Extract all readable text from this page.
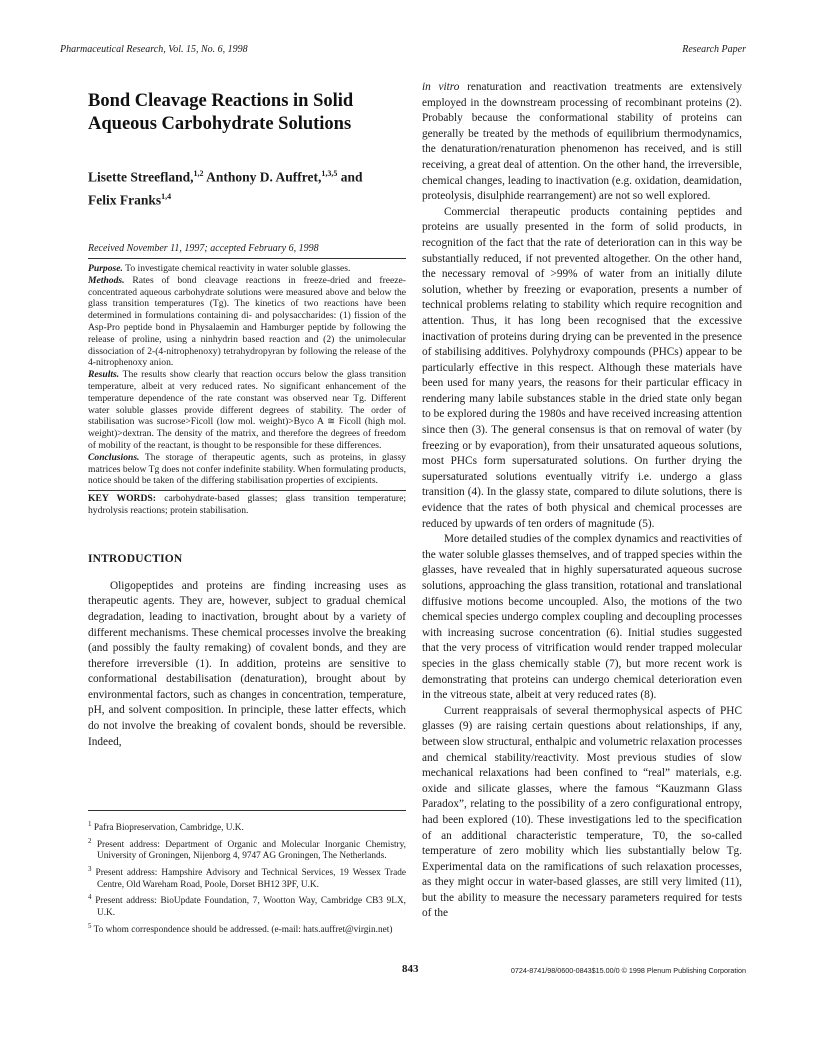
Pharmaceutical Research, Vol. 15, No. 6, 1998	Research Paper
Bond Cleavage Reactions in Solid Aqueous Carbohydrate Solutions
Lisette Streefland,$^{1,2}$ Anthony D. Auffret,$^{1,3,5}$ and
Felix Franks$^{1,4}$
Received November 11, 1997; accepted February 6, 1998

Purpose. To investigate chemical reactivity in water soluble glasses.

Methods. Rates of bond cleavage reactions in freeze-dried and freeze-concentrated aqueous carbohydrate solutions were measured above and below the glass transition temperatures (Tg). The kinetics of two reactions have been determined in formulations containing di- and polysaccharides: (1) fission of the Asp-Pro peptide bond in Physalaemin and Hamburger peptide by following the release of proline, using a ninhydrin based reaction and (2) the unimolecular dissociation of 2-(4-nitrophenoxy) tetrahydropyran by following the release of the 4-nitrophenoxy anion.

Results. The results show clearly that reaction occurs below the glass transition temperature, albeit at very reduced rates. No significant enhancement of the temperature dependence of the rate constant was observed near Tg. Different water soluble glasses provide different degrees of stability. The order of stabilisation was sucrose>Ficoll (low mol. weight)>Byco A ≅ Ficoll (high mol. weight)>dextran. The density of the matrix, and therefore the degrees of freedom of mobility of the reactant, is thought to be responsible for these differences.

Conclusions. The storage of therapeutic agents, such as proteins, in glassy matrices below Tg does not confer indefinite stability. When formulating products, notice should be taken of the differing stabilisation properties of excipients.

KEY WORDS: carbohydrate-based glasses; glass transition temperature; hydrolysis reactions; protein stabilisation.
INTRODUCTION

Oligopeptides and proteins are finding increasing uses as therapeutic agents. They are, however, subject to gradual chemical degradation, leading to inactivation, brought about by a variety of different mechanisms. These chemical processes involve the breaking (and possibly the faulty remaking) of covalent bonds, and they are therefore irreversible (1). In addition, proteins are sensitive to conformational destabilisation (denaturation), brought about by environmental factors, such as changes in concentration, temperature, pH, and solvent composition. In principle, these latter effects, which do not involve the breaking of covalent bonds, should be reversible. Indeed,

$^1$ Pafra Biopreservation, Cambridge, U.K.
$^2$ Present address: Department of Organic and Molecular Inorganic Chemistry, University of Groningen, Nijenborg 4, 9747 AG Groningen, The Netherlands.
$^3$ Present address: Hampshire Advisory and Technical Services, 19 Wessex Trade Centre, Old Wareham Road, Poole, Dorset BH12 3PF, U.K.
$^4$ Present address: BioUpdate Foundation, 7, Wootton Way, Cambridge CB3 9LX, U.K.
$^5$ To whom correspondence should be addressed. (e-mail: hats.auffret@virgin.net)

in vitro renaturation and reactivation treatments are extensively employed in the downstream processing of recombinant proteins (2). Probably because the conformational stability of proteins can generally be treated by the methods of equilibrium thermodynamics, the denaturation/renaturation phenomenon has received, and is still receiving, a great deal of attention. On the other hand, the irreversible, chemical changes, leading to inactivation (e.g. oxidation, deamidation, proteolysis, disulphide rearrangement) are not so well explored.

Commercial therapeutic products containing peptides and proteins are usually presented in the form of solid products, in recognition of the fact that the rate of deterioration can in this way be substantially reduced, if not prevented altogether. On the other hand, the necessary removal of >99% of water from an initially dilute solution, whether by freezing or evaporation, presents a number of technical problems relating to stability which require recognition and attention. Thus, it has long been recognised that the excessive inactivation of proteins during drying can be prevented in the presence of stabilising additives. Polyhydroxy compounds (PHCs) appear to be particularly effective in this respect. Although these materials have been used for many years, the reasons for their particular efficacy in rendering many labile substances stable in the dried state only began to be explored during the 1980s and have received increasing attention since then (3). The general consensus is that on removal of water (by freezing or by evaporation), from their unsaturated aqueous solutions, most PHCs form supersaturated solutions. On further drying the supersaturated solutions eventually vitrify i.e. undergo a glass transition (4). In the glassy state, compared to dilute solutions, there is evidence that the rates of both physical and chemical processes are reduced by upwards of ten orders of magnitude (5).

More detailed studies of the complex dynamics and reactivities of the water soluble glasses themselves, and of trapped species within the glasses, have revealed that in highly supersaturated aqueous sucrose solutions, approaching the glass transition, rotational and translational diffusive motions become uncoupled. Also, the motions of the two chemical species undergo complex coupling and decoupling processes with increasing sucrose concentration (6). Initial studies suggested that the very process of vitrification would render trapped molecular species in the glass chemically stable (7), but more recent work is demonstrating that proteins can undergo chemical deterioration even in the vitreous state, albeit at very reduced rates (8).

Current reappraisals of several thermophysical aspects of PHC glasses (9) are raising certain questions about relationships, if any, between slow structural, enthalpic and volumetric relaxation processes and chemical stability/reactivity. Most previous studies of slow mechanical relaxations had been confined to “real” materials, e.g. oxide and silicate glasses, where the famous “Kauzmann Glass Paradox”, relating to the possibility of a zero configurational entropy, had been explored (10). These investigations led to the specification of an additional characteristic temperature, T0, the so-called temperature of zero mobility which lies substantially below Tg. Experimental data on the ramifications of such relaxation processes, as they might occur in water-based glasses, are still very limited (11), but the ability to measure the necessary parameters required for tests of the

843	0724-8741/98/0600-0843$15.00/0 © 1998 Plenum Publishing Corporation
